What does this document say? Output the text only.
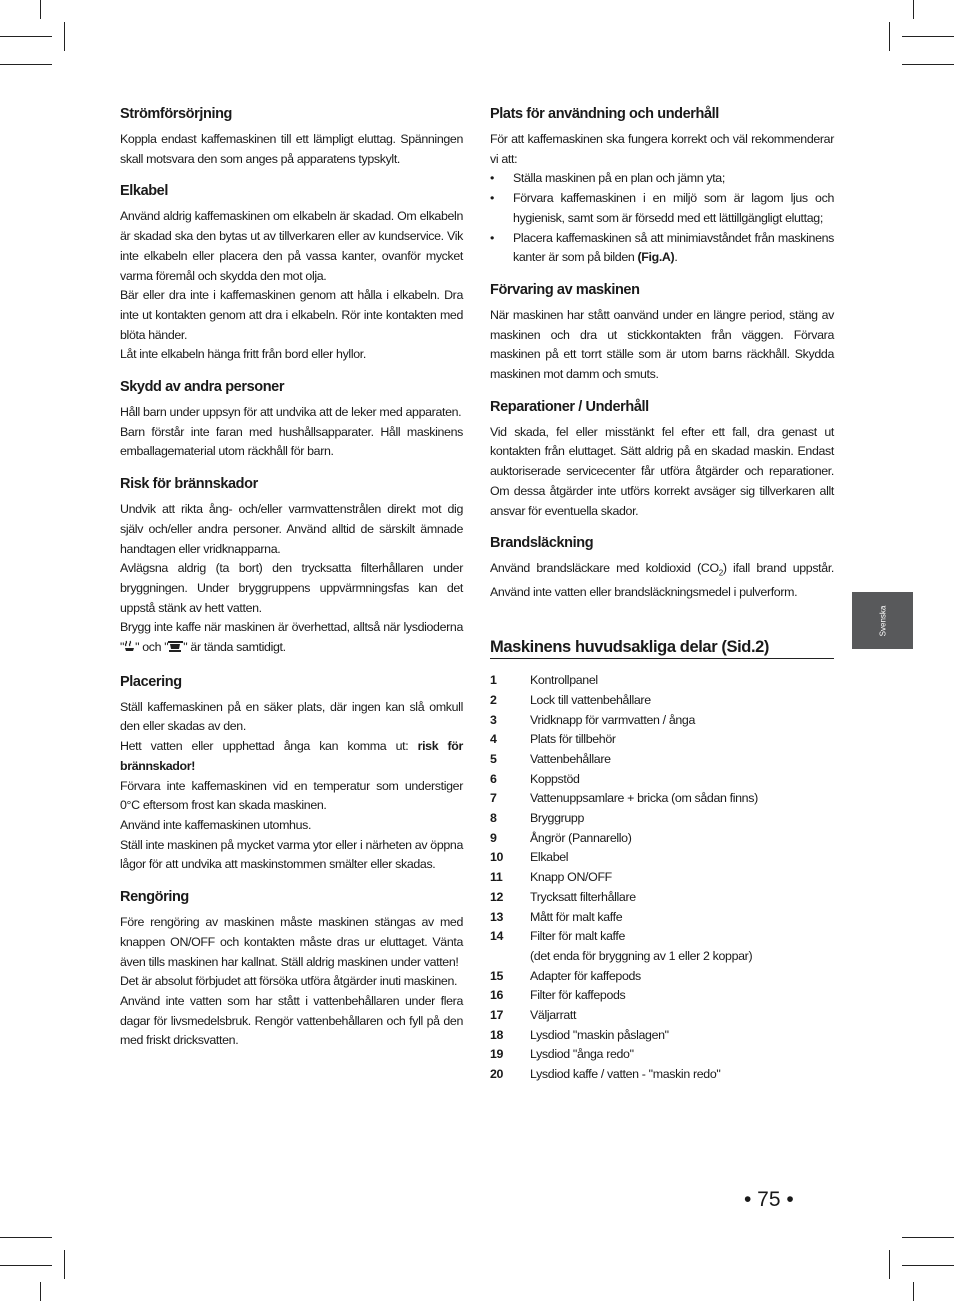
Strömförsörjning

Koppla endast kaffemaskinen till ett lämpligt eluttag. Spänningen skall motsvara den som anges på apparatens typskylt.

Elkabel

Använd aldrig kaffemaskinen om elkabeln är skadad. Om elkabeln är skadad ska den bytas ut av tillverkaren eller av kundservice. Vik inte elkabeln eller placera den på vassa kanter, ovanför mycket varma föremål och skydda den mot olja.

Bär eller dra inte i kaffemaskinen genom att hålla i elkabeln. Dra inte ut kontakten genom att dra i elkabeln. Rör inte kontakten med blöta händer.

Låt inte elkabeln hänga fritt från bord eller hyllor.

Skydd av andra personer

Håll barn under uppsyn för att undvika att de leker med apparaten.

Barn förstår inte faran med hushållsapparater. Håll maskinens emballagematerial utom räckhåll för barn.

Risk för brännskador

Undvik att rikta ång- och/eller varmvattenstrålen direkt mot dig själv och/eller andra personer. Använd alltid de särskilt ämnade handtagen eller vridknapparna.

Avlägsna aldrig (ta bort) den trycksatta filterhållaren under bryggningen. Under bryggruppens uppvärmningsfas kan det uppstå stänk av hett vatten.

Brygg inte kaffe när maskinen är överhettad, alltså när lysdioderna " " och " " är tända samtidigt.

Placering

Ställ kaffemaskinen på en säker plats, där ingen kan slå omkull den eller skadas av den.

Hett vatten eller upphettad ånga kan komma ut: risk för brännskador!

Förvara inte kaffemaskinen vid en temperatur som understiger 0°C eftersom frost kan skada maskinen.

Använd inte kaffemaskinen utomhus.

Ställ inte maskinen på mycket varma ytor eller i närheten av öppna lågor för att undvika att maskinstommen smälter eller skadas.

Rengöring

Före rengöring av maskinen måste maskinen stängas av med knappen ON/OFF och kontakten måste dras ur eluttaget. Vänta även tills maskinen har kallnat. Ställ aldrig maskinen under vatten!

Det är absolut förbjudet att försöka utföra åtgärder inuti maskinen.

Använd inte vatten som har stått i vattenbehållaren under flera dagar för livsmedelsbruk. Rengör vattenbehållaren och fyll på den med friskt dricksvatten.

Plats för användning och underhåll

För att kaffemaskinen ska fungera korrekt och väl rekommenderar vi att:

• Ställa maskinen på en plan och jämn yta;
• Förvara kaffemaskinen i en miljö som är lagom ljus och hygienisk, samt som är försedd med ett lättillgängligt eluttag;
• Placera kaffemaskinen så att minimiavståndet från maskinens kanter är som på bilden (Fig.A).
Förvaring av maskinen

När maskinen har stått oanvänd under en längre period, stäng av maskinen och dra ut stickkontakten från väggen. Förvara maskinen på ett torrt ställe som är utom barns räckhåll. Skydda maskinen mot damm och smuts.

Reparationer / Underhåll

Vid skada, fel eller misstänkt fel efter ett fall, dra genast ut kontakten från eluttaget. Sätt aldrig på en skadad maskin. Endast auktoriserade servicecenter får utföra åtgärder och reparationer. Om dessa åtgärder inte utförs korrekt avsäger sig tillverkaren allt ansvar för eventuella skador.

Brandsläckning

Använd brandsläckare med koldioxid $(CO_2)$ ifall brand uppstår. Använd inte vatten eller brandsläckningsmedel i pulverform.

Maskinens huvudsakliga delar (Sid.2)
1	Kontrollpanel
2	Lock till vattenbehållare
3	Vridknapp för varmvatten / ånga
4	Plats för tillbehör
5	Vattenbehållare
6	Koppstöd
7	Vattenuppsamlare + bricka (om sådan finns)
8	Bryggrupp
9	Ångrör (Pannarello)
10	Elkabel
11	Knapp ON/OFF
12	Trycksatt filterhållare
13	Mått för malt kaffe
14	Filter för malt kaffe
(det enda för bryggning av 1 eller 2 koppar)
15	Adapter för kaffepods
16	Filter för kaffepods
17	Väljarratt
18	Lysdiod "maskin påslagen"
19	Lysdiod "ånga redo"
20	Lysdiod kaffe / vatten - "maskin redo"
Svenska
• 75 •
